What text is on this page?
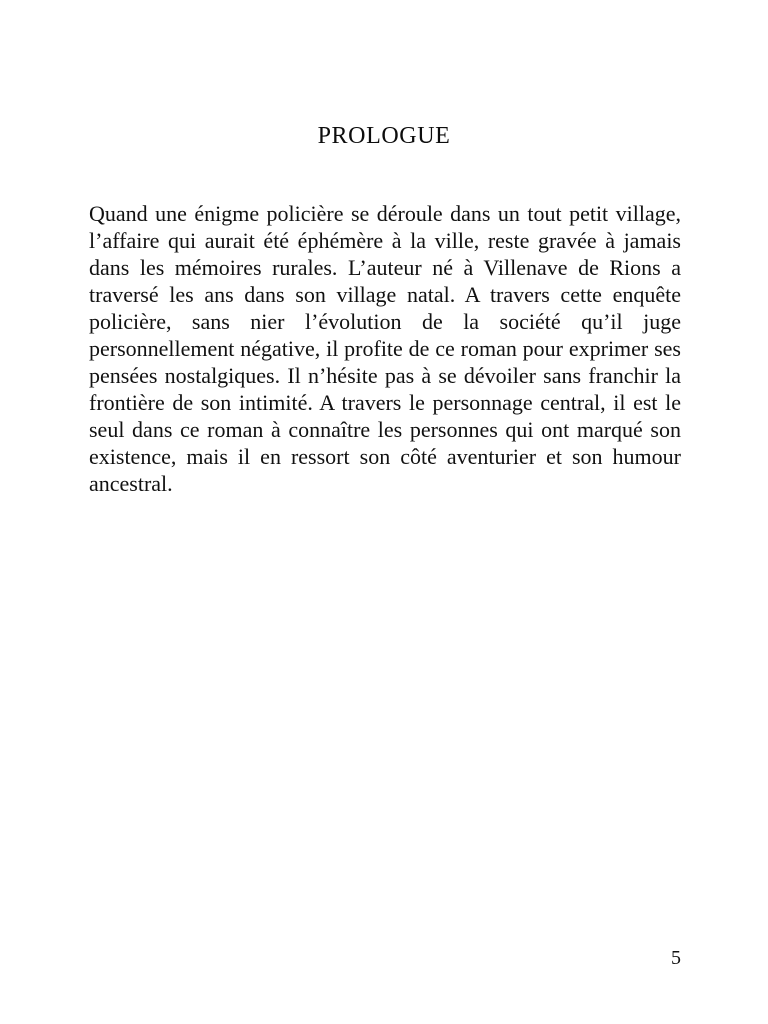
PROLOGUE

Quand une énigme policière se déroule dans un tout petit village, l’affaire qui aurait été éphémère à la ville, reste gravée à jamais dans les mémoires rurales. L’auteur né à Villenave de Rions a traversé les ans dans son village natal. A travers cette enquête policière, sans nier l’évolution de la société qu’il juge personnellement négative, il profite de ce roman pour exprimer ses pensées nostalgiques. Il n’hésite pas à se dévoiler sans franchir la frontière de son intimité. A travers le personnage central, il est le seul dans ce roman à connaître les personnes qui ont marqué son existence, mais il en ressort son côté aventurier et son humour ancestral.

5
